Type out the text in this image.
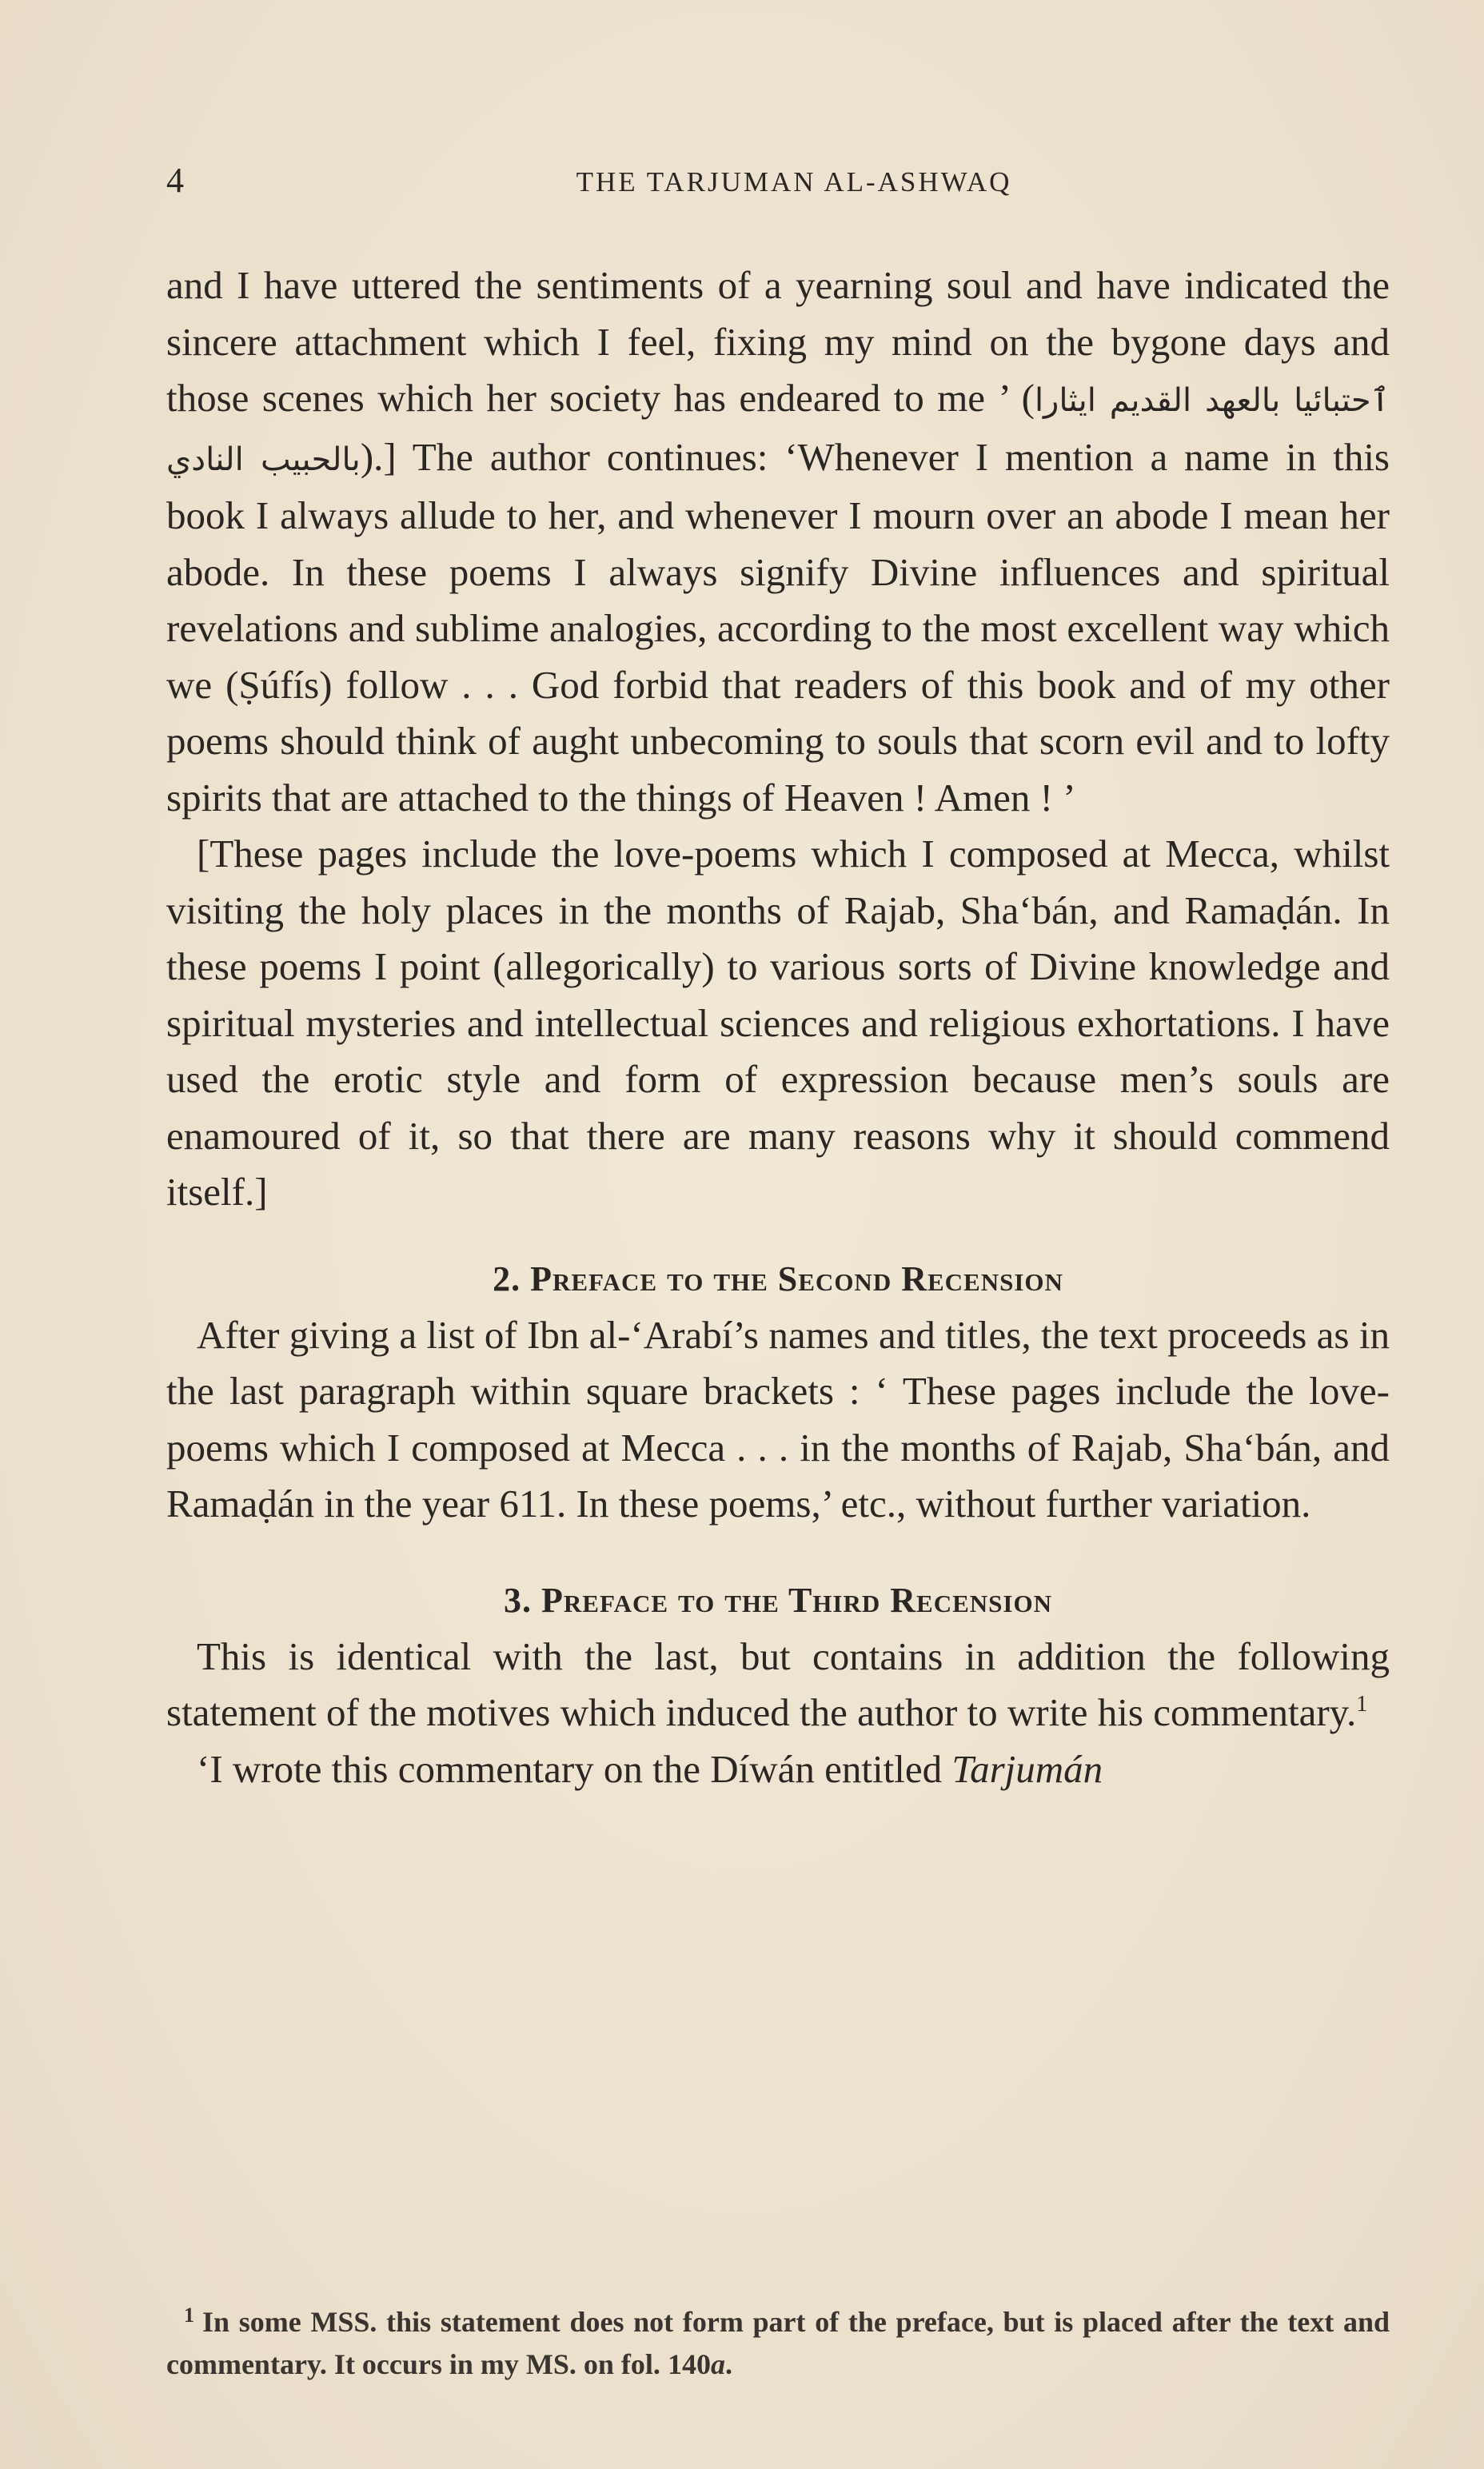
4	THE TARJUMAN AL-ASHWAQ

and I have uttered the sentiments of a yearning soul and have indicated the sincere attachment which I feel, fixing my mind on the bygone days and those scenes which her society has endeared to me ’ (ٱحتبائيا بالعهد القديم ايثارا بالحبيب النادي).] The author continues: ‘Whenever I mention a name in this book I always allude to her, and whenever I mourn over an abode I mean her abode. In these poems I always signify Divine influences and spiritual revelations and sublime analogies, according to the most excellent way which we (Ṣúfís) follow . . . God forbid that readers of this book and of my other poems should think of aught unbecoming to souls that scorn evil and to lofty spirits that are attached to the things of Heaven ! Amen ! ’

[These pages include the love-poems which I composed at Mecca, whilst visiting the holy places in the months of Rajab, Sha‘bán, and Ramaḍán. In these poems I point (allegorically) to various sorts of Divine knowledge and spiritual mysteries and intellectual sciences and religious exhortations. I have used the erotic style and form of expression because men’s souls are enamoured of it, so that there are many reasons why it should commend itself.]

2. Preface to the Second Recension

After giving a list of Ibn al-‘Arabí’s names and titles, the text proceeds as in the last paragraph within square brackets : ‘ These pages include the love-poems which I composed at Mecca . . . in the months of Rajab, Sha‘bán, and Ramaḍán in the year 611. In these poems,’ etc., without further variation.

3. Preface to the Third Recension

This is identical with the last, but contains in addition the following statement of the motives which induced the author to write his commentary.$^1$

‘I wrote this commentary on the Díwán entitled Tarjumán

$^1$ In some MSS. this statement does not form part of the preface, but is placed after the text and commentary. It occurs in my MS. on fol. 140a.
